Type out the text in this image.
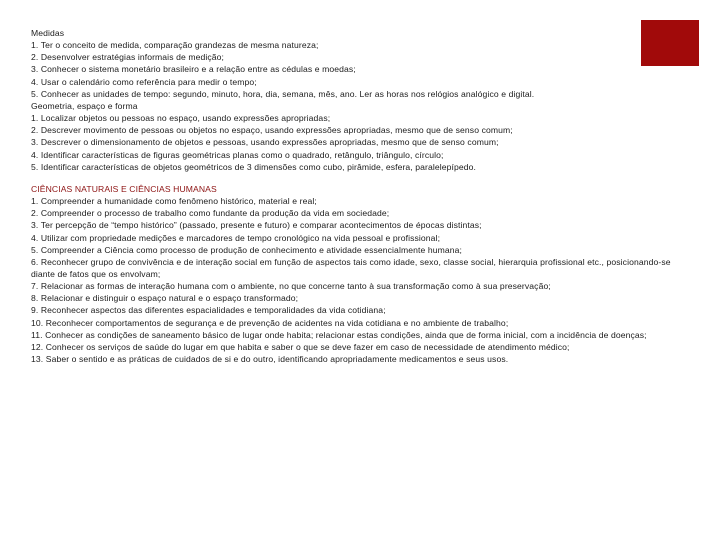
Medidas
1. Ter o conceito de medida, comparação grandezas de mesma natureza;
2. Desenvolver estratégias informais de medição;
3. Conhecer o sistema monetário brasileiro e a relação entre as cédulas e moedas;
4. Usar o calendário como referência para medir o tempo;
5. Conhecer as unidades de tempo: segundo, minuto, hora, dia, semana, mês, ano. Ler as horas nos relógios analógico e digital.
Geometria, espaço e forma
1. Localizar objetos ou pessoas no espaço, usando expressões apropriadas;
2. Descrever movimento de pessoas ou objetos no espaço, usando expressões apropriadas, mesmo que de senso comum;
3. Descrever o dimensionamento de objetos e pessoas, usando expressões apropriadas, mesmo que de senso comum;
4. Identificar características de figuras geométricas planas como o quadrado, retângulo, triângulo, círculo;
5. Identificar características de objetos geométricos de 3 dimensões como cubo, pirâmide, esfera, paralelepípedo.
CIÊNCIAS NATURAIS E CIÊNCIAS HUMANAS
1. Compreender a humanidade como fenômeno histórico, material e real;
2. Compreender o processo de trabalho como fundante da produção da vida em sociedade;
3. Ter percepção de “tempo histórico” (passado, presente e futuro) e comparar acontecimentos de épocas distintas;
4. Utilizar com propriedade medições e marcadores de tempo cronológico na vida pessoal e profissional;
5. Compreender a Ciência como processo de produção de conhecimento e atividade essencialmente humana;
6. Reconhecer grupo de convivência e de interação social em função de aspectos tais como idade, sexo, classe social, hierarquia profissional etc., posicionando-se diante de fatos que os envolvam;
7. Relacionar as formas de interação humana com o ambiente, no que concerne tanto à sua transformação como à sua preservação;
8. Relacionar e distinguir o espaço natural e o espaço transformado;
9. Reconhecer aspectos das diferentes espacialidades e temporalidades da vida cotidiana;
10. Reconhecer comportamentos de segurança e de prevenção de acidentes na vida cotidiana e no ambiente de trabalho;
11. Conhecer as condições de saneamento básico de lugar onde habita; relacionar estas condições, ainda que de forma inicial, com a incidência de doenças;
12. Conhecer os serviços de saúde do lugar em que habita e saber o que se deve fazer em caso de necessidade de atendimento médico;
13. Saber o sentido e as práticas de cuidados de si e do outro, identificando apropriadamente medicamentos e seus usos.
